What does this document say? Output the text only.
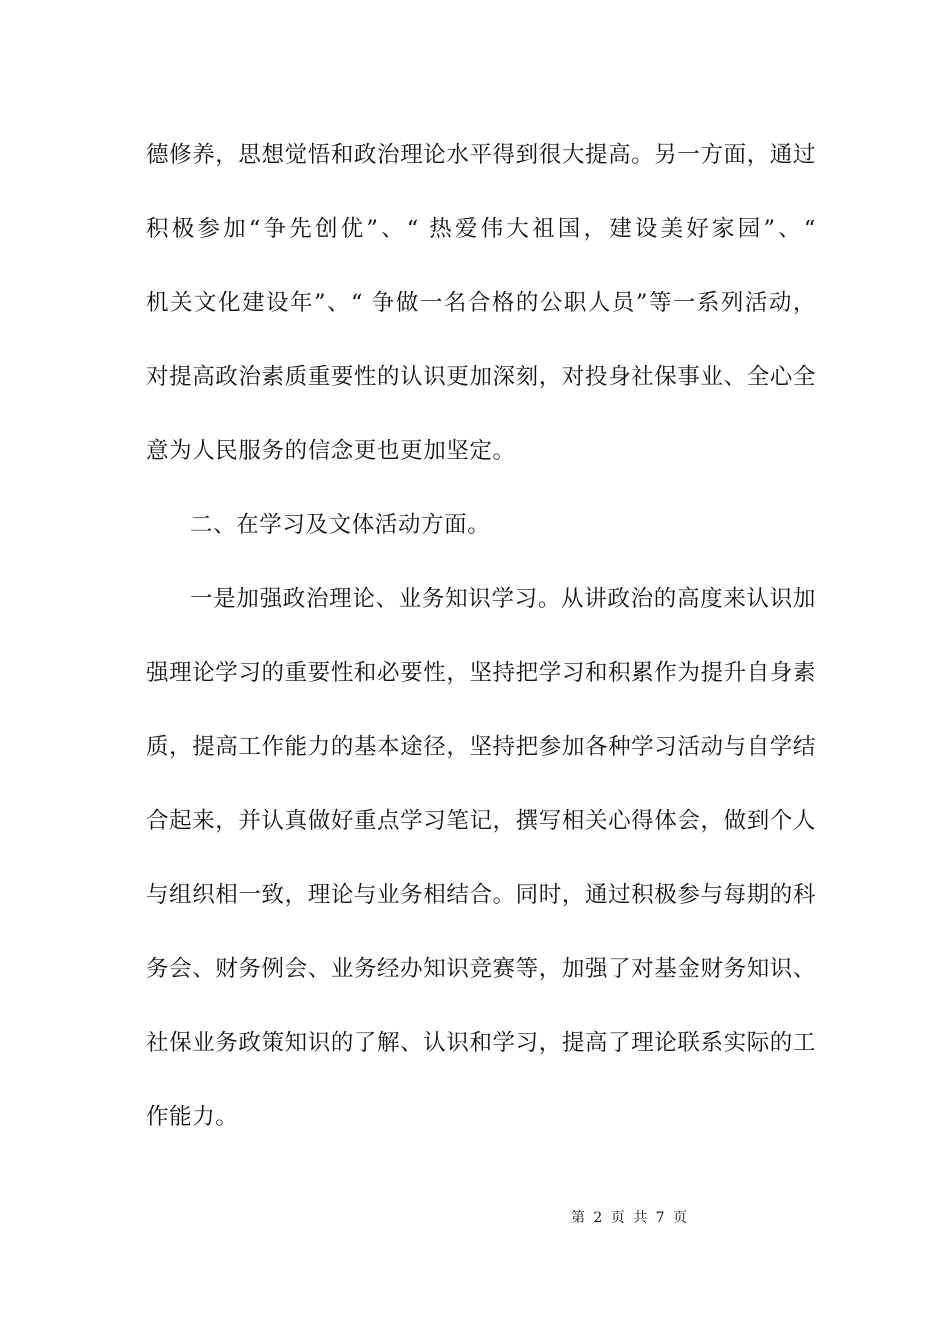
德修养，思想觉悟和政治理论水平得到很大提高。另一方面，通过
积极参加“争先创优”、“ 热爱伟大祖国，建设美好家园”、“
机关文化建设年”、“ 争做一名合格的公职人员”等一系列活动，
对提高政治素质重要性的认识更加深刻，对投身社保事业、全心全
意为人民服务的信念更也更加坚定。
二、在学习及文体活动方面。
一是加强政治理论、业务知识学习。从讲政治的高度来认识加
强理论学习的重要性和必要性，坚持把学习和积累作为提升自身素
质，提高工作能力的基本途径，坚持把参加各种学习活动与自学结
合起来，并认真做好重点学习笔记，撰写相关心得体会，做到个人
与组织相一致，理论与业务相结合。同时，通过积极参与每期的科
务会、财务例会、业务经办知识竞赛等，加强了对基金财务知识、
社保业务政策知识的了解、认识和学习，提高了理论联系实际的工
作能力。
第 2 页 共 7 页
